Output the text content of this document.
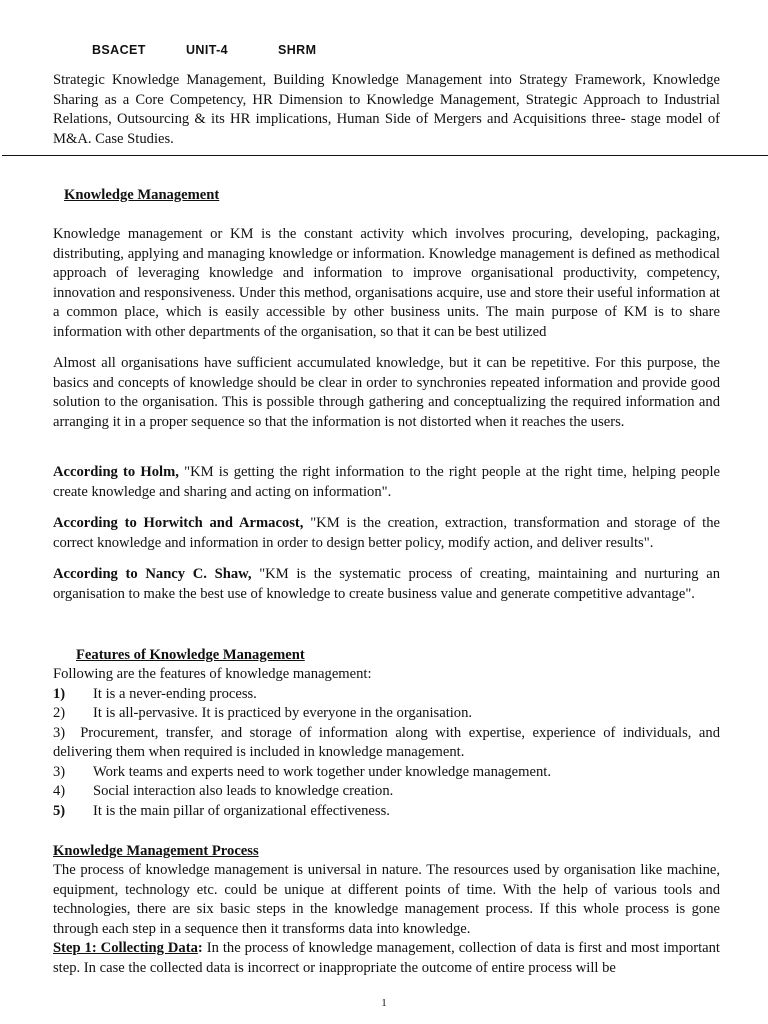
BSACET	UNIT-4	SHRM

Strategic Knowledge Management, Building Knowledge Management into Strategy Framework, Knowledge Sharing as a Core Competency, HR Dimension to Knowledge Management, Strategic Approach to Industrial Relations, Outsourcing & its HR implications, Human Side of Mergers and Acquisitions three- stage model of M&A. Case Studies.

Knowledge Management

Knowledge management or KM is the constant activity which involves procuring, developing, packaging, distributing, applying and managing knowledge or information. Knowledge management is defined as methodical approach of leveraging knowledge and information to improve organisational productivity, competency, innovation and responsiveness. Under this method, organisations acquire, use and store their useful information at a common place, which is easily accessible by other business units. The main purpose of KM is to share information with other departments of the organisation, so that it can be best utilized

Almost all organisations have sufficient accumulated knowledge, but it can be repetitive. For this purpose, the basics and concepts of knowledge should be clear in order to synchronies repeated information and provide good solution to the organisation. This is possible through gathering and conceptualizing the required information and arranging it in a proper sequence so that the information is not distorted when it reaches the users.

According to Holm, "KM is getting the right information to the right people at the right time, helping people create knowledge and sharing and acting on information".

According to Horwitch and Armacost, "KM is the creation, extraction, transformation and storage of the correct knowledge and information in order to design better policy, modify action, and deliver results".

According to Nancy C. Shaw, "KM is the systematic process of creating, maintaining and nurturing an organisation to make the best use of knowledge to create business value and generate competitive advantage".

Features of Knowledge Management

Following are the features of knowledge management:

1)	It is a never-ending process.
2)	It is all-pervasive. It is practiced by everyone in the organisation.

3) Procurement, transfer, and storage of information along with expertise, experience of individuals, and delivering them when required is included in knowledge management.

3)	Work teams and experts need to work together under knowledge management.
4)	Social interaction also leads to knowledge creation.
5)	It is the main pillar of organizational effectiveness.

Knowledge Management Process

The process of knowledge management is universal in nature. The resources used by organisation like machine, equipment, technology etc. could be unique at different points of time. With the help of various tools and technologies, there are six basic steps in the knowledge management process. If this whole process is gone through each step in a sequence then it transforms data into knowledge.

Step 1: Collecting Data: In the process of knowledge management, collection of data is first and most important step. In case the collected data is incorrect or inappropriate the outcome of entire process will be

1
